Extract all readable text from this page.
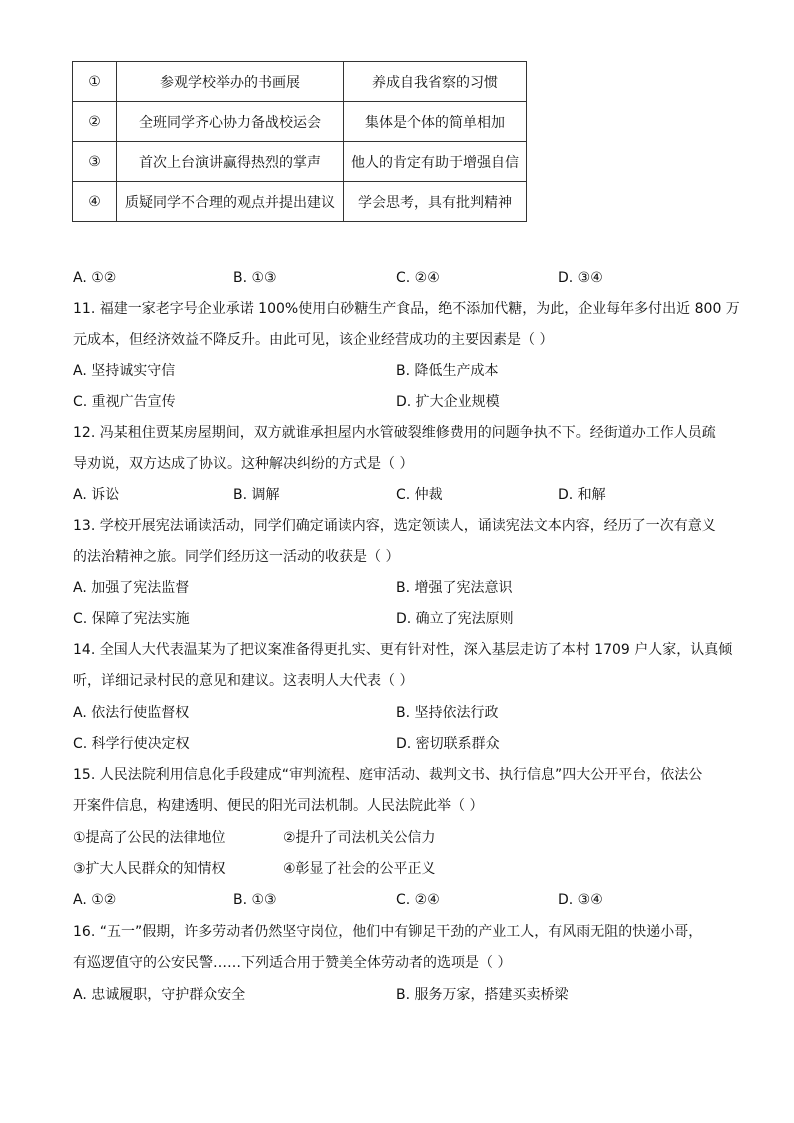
①	参观学校举办的书画展	养成自我省察的习惯
②	全班同学齐心协力备战校运会	集体是个体的简单相加
③	首次上台演讲赢得热烈的掌声	他人的肯定有助于增强自信
④	质疑同学不合理的观点并提出建议	学会思考，具有批判精神
A. ①②	B. ①③	C. ②④	D. ③④
11. 福建一家老字号企业承诺 100%使用白砂糖生产食品，绝不添加代糖，为此，企业每年多付出近 800 万
元成本，但经济效益不降反升。由此可见，该企业经营成功的主要因素是（ ）
A. 坚持诚实守信	B. 降低生产成本
C. 重视广告宣传	D. 扩大企业规模
12. 冯某租住贾某房屋期间，双方就谁承担屋内水管破裂维修费用的问题争执不下。经街道办工作人员疏
导劝说，双方达成了协议。这种解决纠纷的方式是（ ）
A. 诉讼	B. 调解	C. 仲裁	D. 和解
13. 学校开展宪法诵读活动，同学们确定诵读内容，选定领读人，诵读宪法文本内容，经历了一次有意义
的法治精神之旅。同学们经历这一活动的收获是（ ）
A. 加强了宪法监督	B. 增强了宪法意识
C. 保障了宪法实施	D. 确立了宪法原则
14. 全国人大代表温某为了把议案准备得更扎实、更有针对性，深入基层走访了本村 1709 户人家，认真倾
听，详细记录村民的意见和建议。这表明人大代表（ ）
A. 依法行使监督权	B. 坚持依法行政
C. 科学行使决定权	D. 密切联系群众
15. 人民法院利用信息化手段建成“审判流程、庭审活动、裁判文书、执行信息”四大公开平台，依法公
开案件信息，构建透明、便民的阳光司法机制。人民法院此举（ ）
①提高了公民的法律地位	②提升了司法机关公信力
③扩大人民群众的知情权	④彰显了社会的公平正义
A. ①②	B. ①③	C. ②④	D. ③④
16. “五一”假期，许多劳动者仍然坚守岗位，他们中有铆足干劲的产业工人，有风雨无阻的快递小哥，
有巡逻值守的公安民警……下列适合用于赞美全体劳动者的选项是（ ）
A. 忠诚履职，守护群众安全	B. 服务万家，搭建买卖桥梁
